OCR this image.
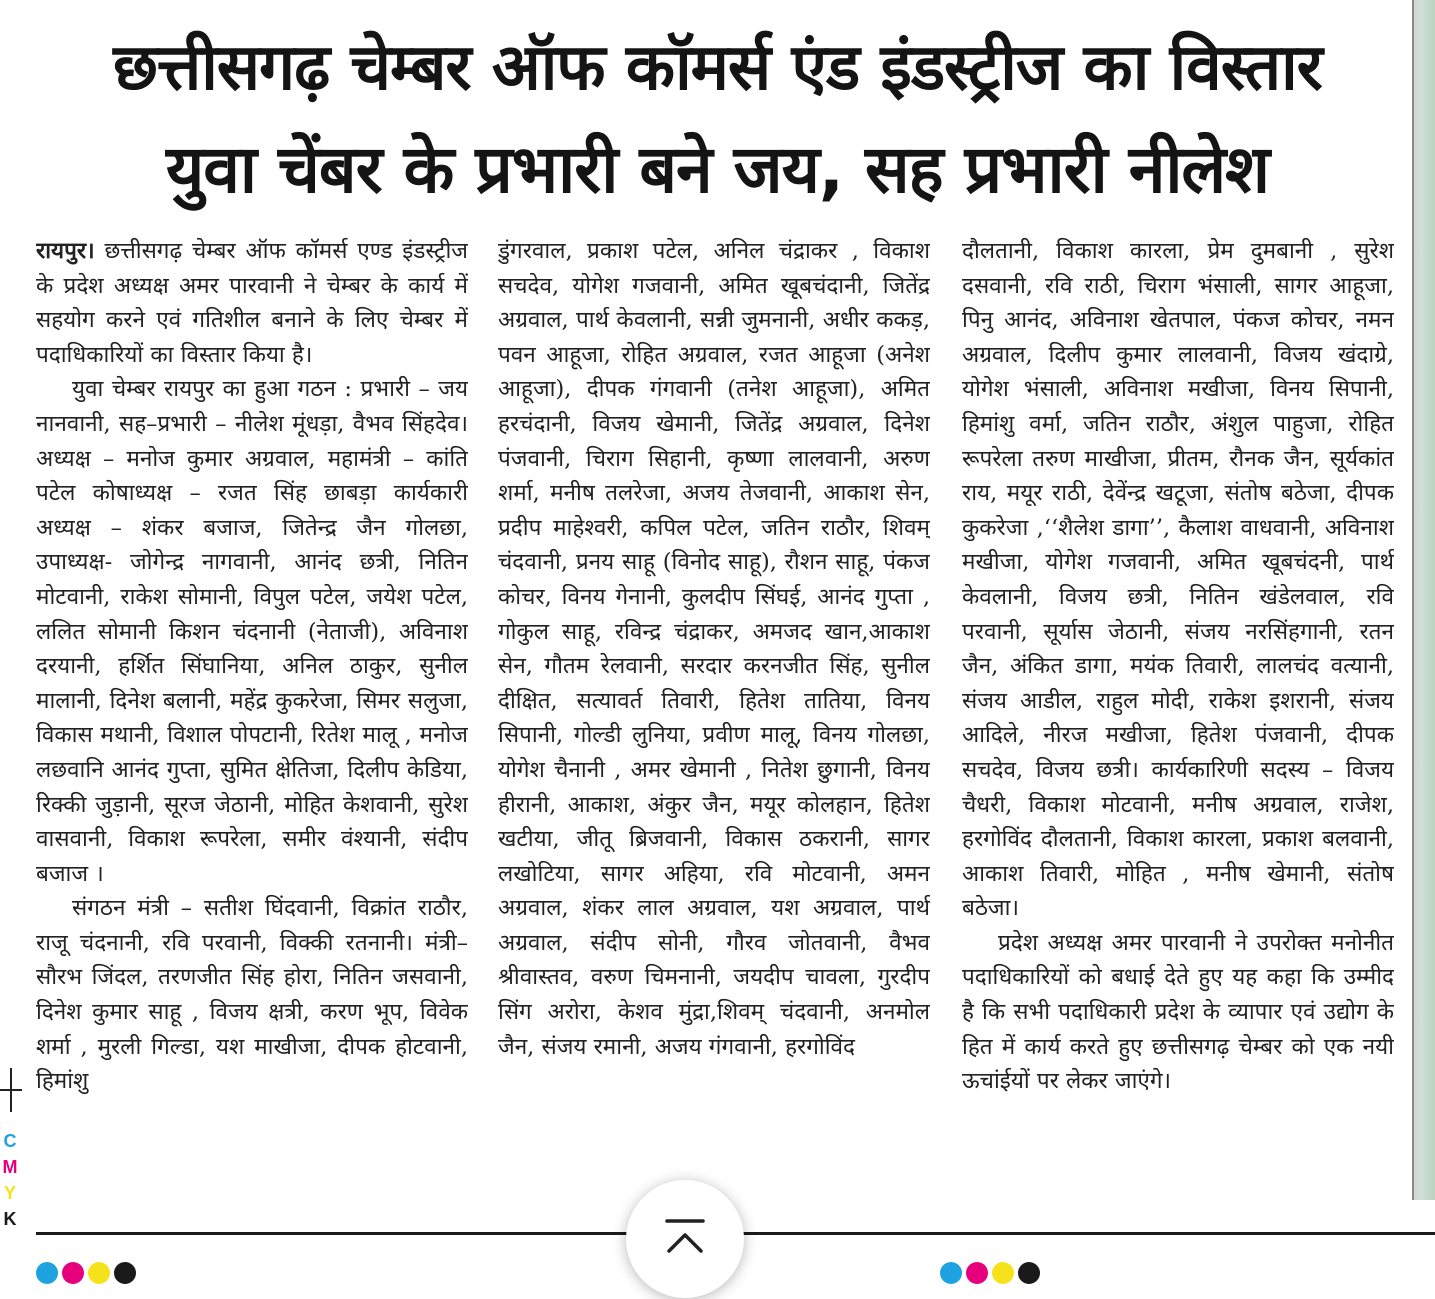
छत्तीसगढ़ चेम्बर ऑफ कॉमर्स एंड इंडस्ट्रीज का विस्तार
युवा चेंबर के प्रभारी बने जय, सह प्रभारी नीलेश

रायपुर। छत्तीसगढ़ चेम्बर ऑफ कॉमर्स एण्ड इंडस्ट्रीज के प्रदेश अध्यक्ष अमर पारवानी ने चेम्बर के कार्य में सहयोग करने एवं गतिशील बनाने के लिए चेम्बर में पदाधिकारियों का विस्तार किया है।

युवा चेम्बर रायपुर का हुआ गठन : प्रभारी – जय नानवानी, सह–प्रभारी – नीलेश मूंधड़ा, वैभव सिंहदेव। अध्यक्ष – मनोज कुमार अग्रवाल, महामंत्री – कांति पटेल कोषाध्यक्ष – रजत सिंह छाबड़ा कार्यकारी अध्यक्ष – शंकर बजाज, जितेन्द्र जैन गोलछा, उपाध्यक्ष- जोगेन्द्र नागवानी, आनंद छत्री, नितिन मोटवानी, राकेश सोमानी, विपुल पटेल, जयेश पटेल, ललित सोमानी किशन चंदनानी (नेताजी), अविनाश दरयानी, हर्शित सिंघानिया, अनिल ठाकुर, सुनील मालानी, दिनेश बलानी, महेंद्र कुकरेजा, सिमर सलुजा, विकास मथानी, विशाल पोपटानी, रितेश मालू , मनोज लछवानि आनंद गुप्ता, सुमित क्षेतिजा, दिलीप केडिया, रिक्की जुड़ानी, सूरज जेठानी, मोहित केशवानी, सुरेश वासवानी, विकाश रूपरेला, समीर वंश्यानी, संदीप बजाज ।

संगठन मंत्री – सतीश घिंदवानी, विक्रांत राठौर, राजू चंदनानी, रवि परवानी, विक्की रतनानी। मंत्री– सौरभ जिंदल, तरणजीत सिंह होरा, नितिन जसवानी, दिनेश कुमार साहू , विजय क्षत्री, करण भूप, विवेक शर्मा , मुरली गिल्डा, यश माखीजा, दीपक होटवानी, हिमांशु

डुंगरवाल, प्रकाश पटेल, अनिल चंद्राकर , विकाश सचदेव, योगेश गजवानी, अमित खूबचंदानी, जितेंद्र अग्रवाल, पार्थ केवलानी, सन्नी जुमनानी, अधीर ककड़, पवन आहूजा, रोहित अग्रवाल, रजत आहूजा (अनेश आहूजा), दीपक गंगवानी (तनेश आहूजा), अमित हरचंदानी, विजय खेमानी, जितेंद्र अग्रवाल, दिनेश पंजवानी, चिराग सिहानी, कृष्णा लालवानी, अरुण शर्मा, मनीष तलरेजा, अजय तेजवानी, आकाश सेन, प्रदीप माहेश्वरी, कपिल पटेल, जतिन राठौर, शिवम् चंदवानी, प्रनय साहू (विनोद साहू), रौशन साहू, पंकज कोचर, विनय गेनानी, कुलदीप सिंघई, आनंद गुप्ता , गोकुल साहू, रविन्द्र चंद्राकर, अमजद खान,आकाश सेन, गौतम रेलवानी, सरदार करनजीत सिंह, सुनील दीक्षित, सत्यावर्त तिवारी, हितेश तातिया, विनय सिपानी, गोल्डी लुनिया, प्रवीण मालू, विनय गोलछा, योगेश चैनानी , अमर खेमानी , नितेश छुगानी, विनय हीरानी, आकाश, अंकुर जैन, मयूर कोलहान, हितेश खटीया, जीतू ब्रिजवानी, विकास ठकरानी, सागर लखोटिया, सागर अहिया, रवि मोटवानी, अमन अग्रवाल, शंकर लाल अग्रवाल, यश अग्रवाल, पार्थ अग्रवाल, संदीप सोनी, गौरव जोतवानी, वैभव श्रीवास्तव, वरुण चिमनानी, जयदीप चावला, गुरदीप सिंग अरोरा, केशव मुंद्रा,शिवम् चंदवानी, अनमोल जैन, संजय रमानी, अजय गंगवानी, हरगोविंद

दौलतानी, विकाश कारला, प्रेम दुमबानी , सुरेश दसवानी, रवि राठी, चिराग भंसाली, सागर आहूजा, पिनु आनंद, अविनाश खेतपाल, पंकज कोचर, नमन अग्रवाल, दिलीप कुमार लालवानी, विजय खंदाग्रे, योगेश भंसाली, अविनाश मखीजा, विनय सिपानी, हिमांशु वर्मा, जतिन राठौर, अंशुल पाहुजा, रोहित रूपरेला तरुण माखीजा, प्रीतम, रौनक जैन, सूर्यकांत राय, मयूर राठी, देवेंन्द्र खटूजा, संतोष बठेजा, दीपक कुकरेजा ,‘‘शैलेश डागा’’, कैलाश वाधवानी, अविनाश मखीजा, योगेश गजवानी, अमित खूबचंदनी, पार्थ केवलानी, विजय छत्री, नितिन खंडेलवाल, रवि परवानी, सूर्यास जेठानी, संजय नरसिंहगानी, रतन जैन, अंकित डागा, मयंक तिवारी, लालचंद वत्यानी, संजय आडील, राहुल मोदी, राकेश इशरानी, संजय आदिले, नीरज मखीजा, हितेश पंजवानी, दीपक सचदेव, विजय छत्री। कार्यकारिणी सदस्य – विजय चैधरी, विकाश मोटवानी, मनीष अग्रवाल, राजेश, हरगोविंद दौलतानी, विकाश कारला, प्रकाश बलवानी, आकाश तिवारी, मोहित , मनीष खेमानी, संतोष बठेजा।

प्रदेश अध्यक्ष अमर पारवानी ने उपरोक्त मनोनीत पदाधिकारियों को बधाई देते हुए यह कहा कि उम्मीद है कि सभी पदाधिकारी प्रदेश के व्यापार एवं उद्योग के हित में कार्य करते हुए छत्तीसगढ़ चेम्बर को एक नयी ऊचांईयों पर लेकर जाएंगे।

C
M
Y
K
